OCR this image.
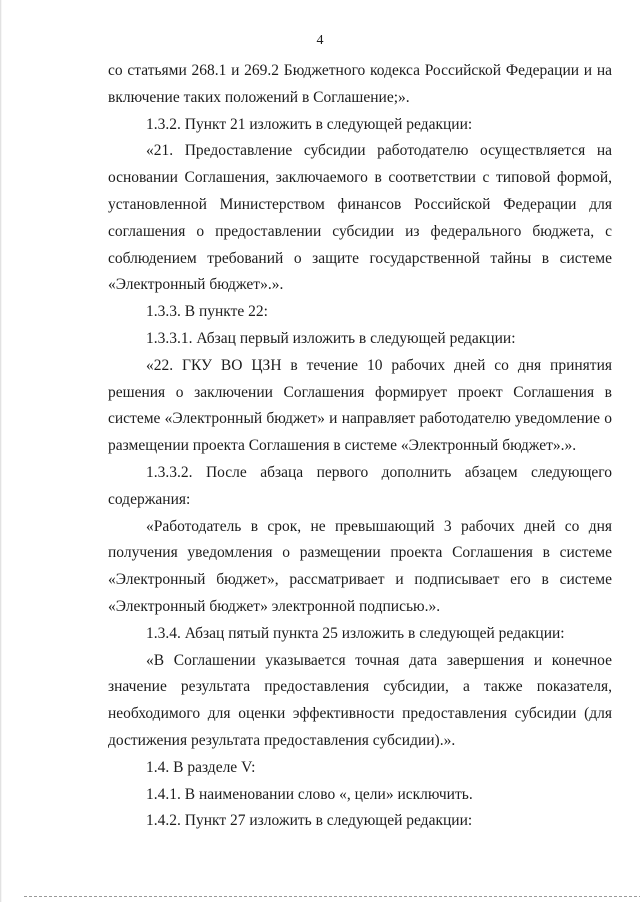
4

со статьями 268.1 и 269.2 Бюджетного кодекса Российской Федерации и на включение таких положений в Соглашение;».

1.3.2. Пункт 21 изложить в следующей редакции:

«21. Предоставление субсидии работодателю осуществляется на основании Соглашения, заключаемого в соответствии с типовой формой, установленной Министерством финансов Российской Федерации для соглашения о предоставлении субсидии из федерального бюджета, с соблюдением требований о защите государственной тайны в системе «Электронный бюджет».».

1.3.3. В пункте 22:

1.3.3.1. Абзац первый изложить в следующей редакции:

«22. ГКУ ВО ЦЗН в течение 10 рабочих дней со дня принятия решения о заключении Соглашения формирует проект Соглашения в системе «Электронный бюджет» и направляет работодателю уведомление о размещении проекта Соглашения в системе «Электронный бюджет».».

1.3.3.2. После абзаца первого дополнить абзацем следующего содержания:

«Работодатель в срок, не превышающий 3 рабочих дней со дня получения уведомления о размещении проекта Соглашения в системе «Электронный бюджет», рассматривает и подписывает его в системе «Электронный бюджет» электронной подписью.».

1.3.4. Абзац пятый пункта 25 изложить в следующей редакции:

«В Соглашении указывается точная дата завершения и конечное значение результата предоставления субсидии, а также показателя, необходимого для оценки эффективности предоставления субсидии (для достижения результата предоставления субсидии).».

1.4. В разделе V:

1.4.1. В наименовании слово «, цели» исключить.

1.4.2. Пункт 27 изложить в следующей редакции:
